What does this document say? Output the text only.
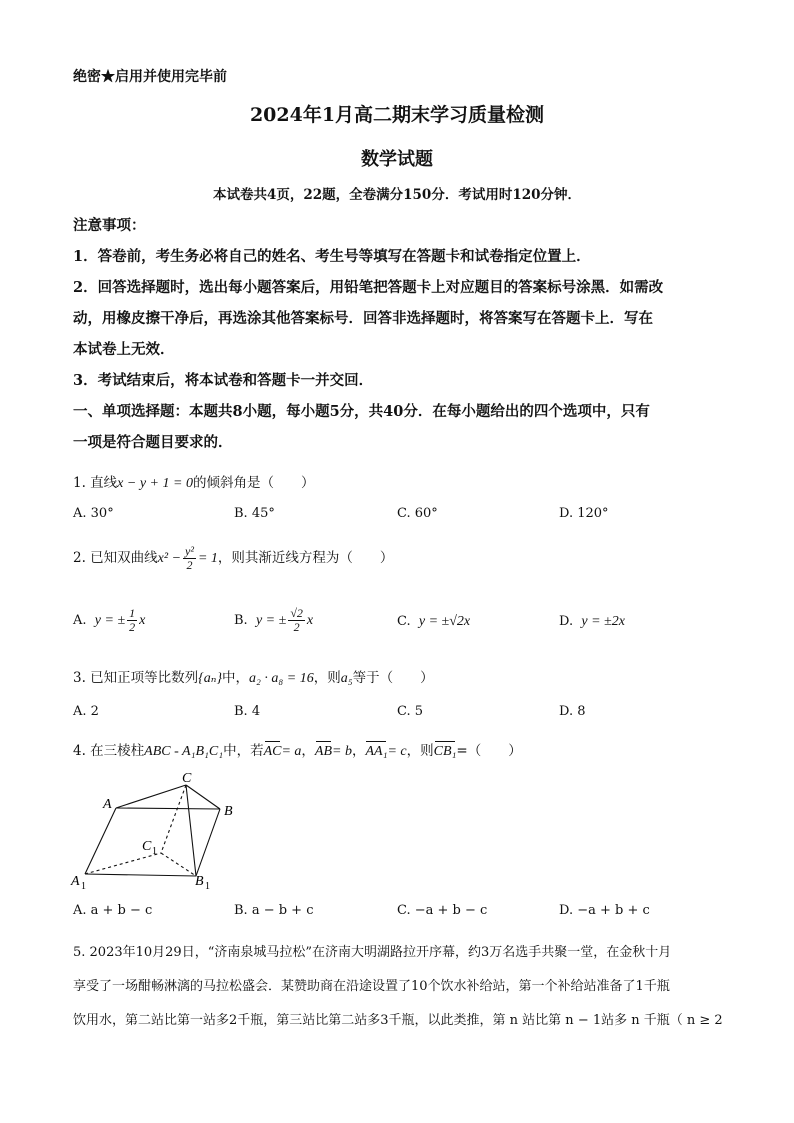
绝密★启用并使用完毕前
2024年1月高二期末学习质量检测
数学试题
本试卷共4页，22题，全卷满分150分．考试用时120分钟．
注意事项：
1．答卷前，考生务必将自己的姓名、考生号等填写在答题卡和试卷指定位置上．
2．回答选择题时，选出每小题答案后，用铅笔把答题卡上对应题目的答案标号涂黑．如需改
动，用橡皮擦干净后，再选涂其他答案标号．回答非选择题时，将答案写在答题卡上．写在
本试卷上无效．
3．考试结束后，将本试卷和答题卡一并交回．
一、单项选择题：本题共8小题，每小题5分，共40分．在每小题给出的四个选项中，只有
一项是符合题目要求的．
1. 直线x − y + 1 = 0的倾斜角是（　　）
A. 30°	B. 45°	C. 60°	D. 120°
2. 已知双曲线$x^2 - \frac{\text{y²}}{2} = 1$，则其渐近线方程为（　　）
A. y = ± $\frac{1}{2}$ x	B. y = ± $\frac{√2}{2}$ x	C. y = ±√2x	D. y = ±2x
3. 已知正项等比数列{aₙ}中，a₂ · a₈ = 16，则a₅等于（　　）
A. 2	B. 4	C. 5	D. 8
4. 在三棱柱ABC - A₁B₁C₁中，若AC= a，AB= b，AA₁= c，则CB₁=（　　）
A
C
B
C 1
A 1	B 1
A. a + b − c	B. a − b + c	C. −a + b − c	D. −a + b + c
5. 2023年10月29日，“济南泉城马拉松”在济南大明湖路拉开序幕，约3万名选手共聚一堂，在金秋十月
享受了一场酣畅淋漓的马拉松盛会．某赞助商在沿途设置了10个饮水补给站，第一个补给站准备了1千瓶
饮用水，第二站比第一站多2千瓶，第三站比第二站多3千瓶，以此类推，第 n 站比第 n − 1站多 n 千瓶（ n ≥ 2
